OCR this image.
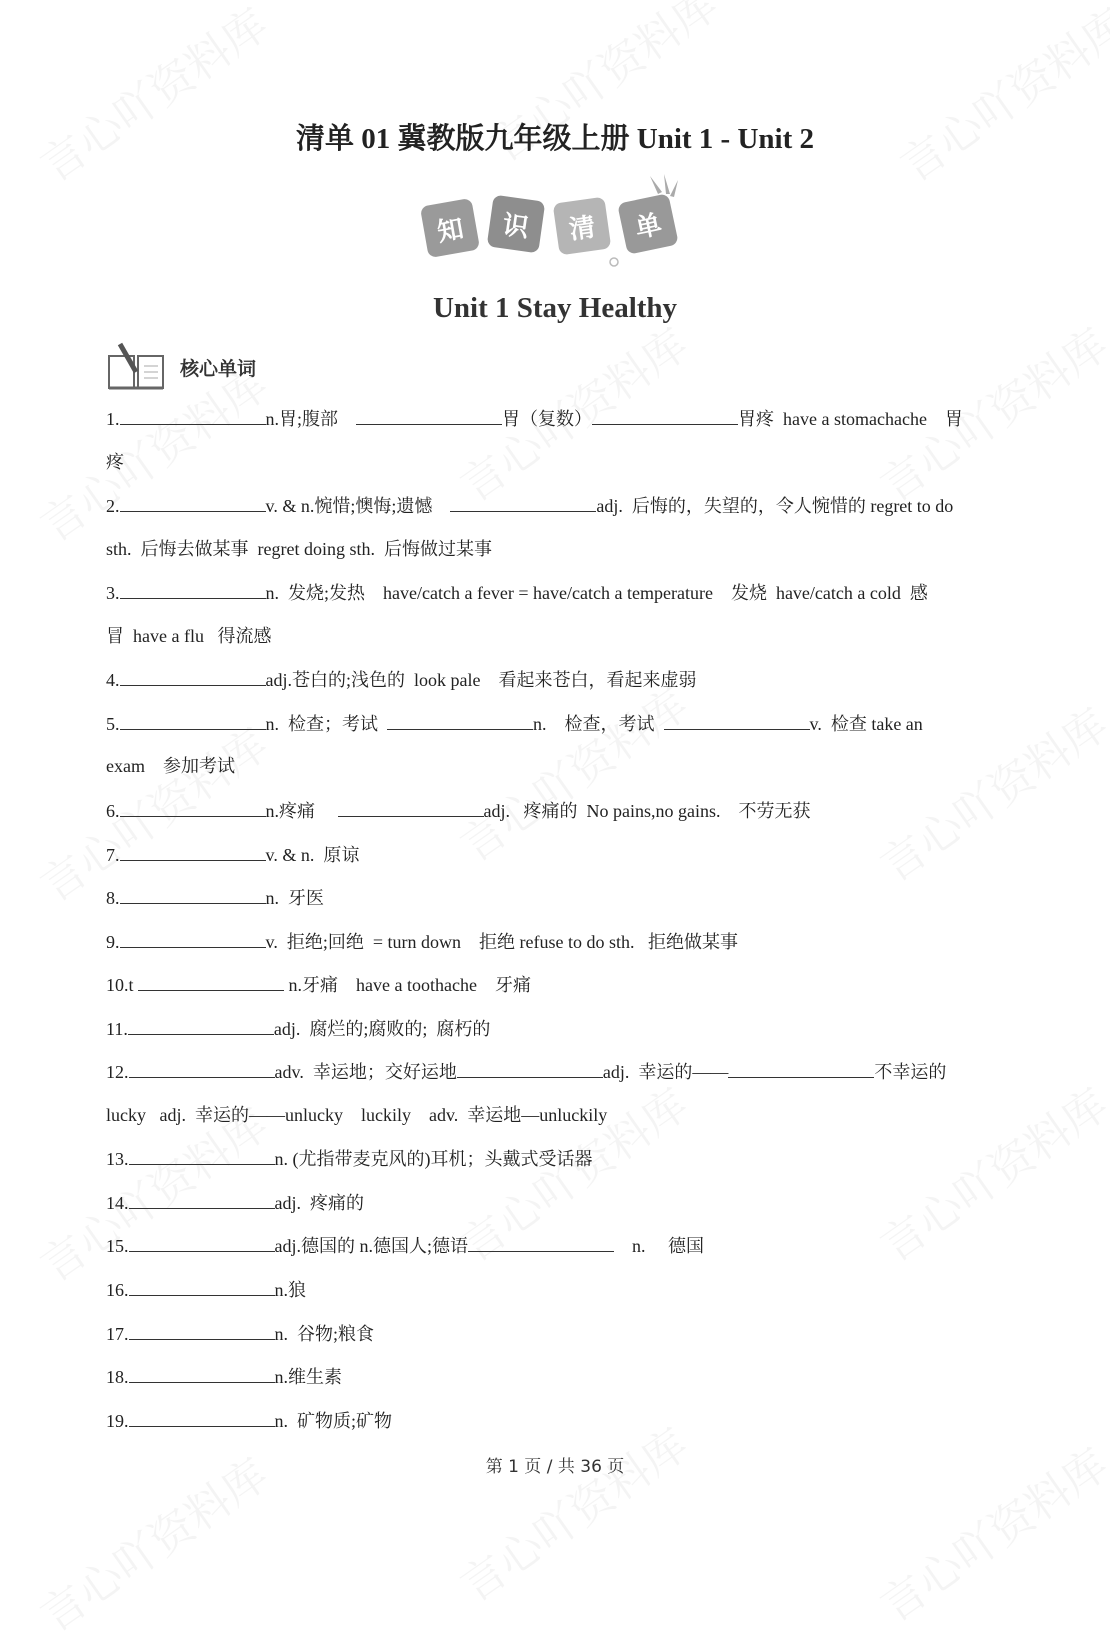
清单 01 冀教版九年级上册 Unit 1 - Unit 2
知	识	清	单
Unit 1 Stay Healthy
核心单词
1.	n.胃;腹部	胃（复数）	胃疼  have a stomachache    胃
疼
2.	v. & n.惋惜;懊悔;遗憾	adj.  后悔的，失望的，令人惋惜的 regret to do
sth.  后悔去做某事  regret doing sth.  后悔做过某事
3.	n.  发烧;发热    have/catch a fever = have/catch a temperature    发烧  have/catch a cold  感
冒  have a flu   得流感
4.	adj.苍白的;浅色的  look pale    看起来苍白，看起来虚弱
5.	n.  检查；考试	n.    检查，考试	v.  检查 take an
exam    参加考试
6.	n.疼痛	adj.   疼痛的  No pains,no gains.    不劳无获
7.	v. & n.  原谅
8.	n.  牙医
9.	v.  拒绝;回绝  = turn down    拒绝 refuse to do sth.   拒绝做某事
10.t	n.牙痛    have a toothache    牙痛
11.	adj.  腐烂的;腐败的;  腐朽的
12.	adv.  幸运地；交好运地	adj.  幸运的——	不幸运的
lucky   adj.  幸运的——unlucky    luckily    adv.  幸运地—unluckily
13.	n. (尤指带麦克风的)耳机；头戴式受话器
14.	adj.  疼痛的
15.	adj.德国的 n.德国人;德语	n.     德国
16.	n.狼
17.	n.  谷物;粮食
18.	n.维生素
19.	n.  矿物质;矿物
第 1 页 / 共 36 页
